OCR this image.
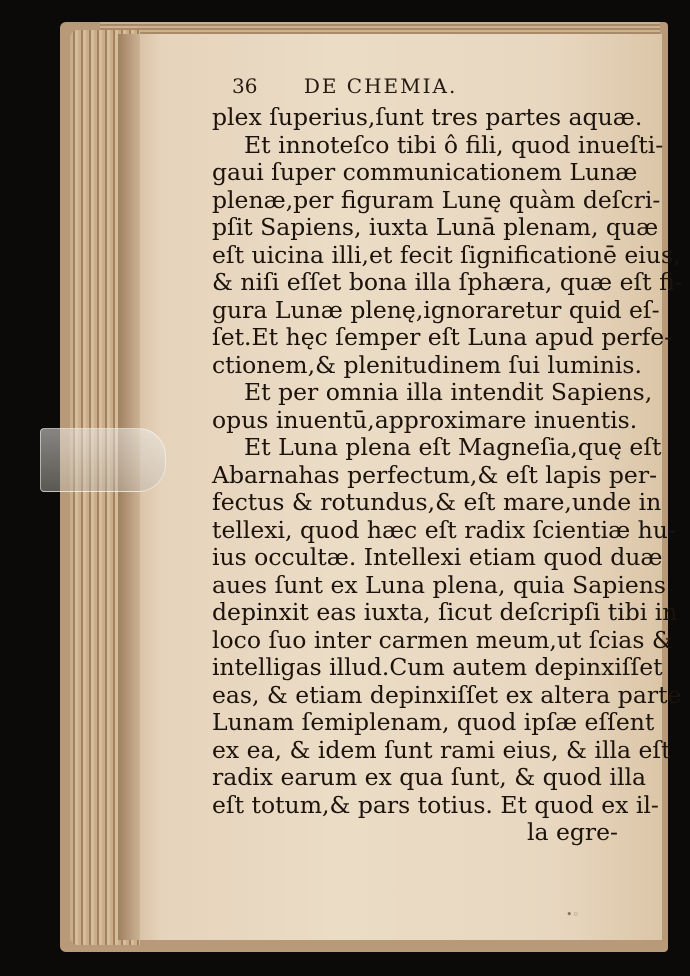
36 DE CHEMIA.
plex ſuperius,ſunt tres partes aquæ.
Et innoteſco tibi ô fili, quod inueſti-
gaui ſuper communicationem Lunæ
plenæ,per figuram Lunę quàm deſcri-
pſit Sapiens, iuxta Lunā plenam, quæ
eſt uicina illi,et fecit ſignificationē eius,
& niſi eſſet bona illa ſphæra, quæ eſt fi-
gura Lunæ plenę,ignoraretur quid eſ-
ſet.Et hęc ſemper eſt Luna apud perfe-
ctionem,& plenitudinem ſui luminis.
Et per omnia illa intendit Sapiens,
opus inuentū,approximare inuentis.
Et Luna plena eſt Magneſia,quę eſt
Abarnahas perfectum,& eſt lapis per-
fectus & rotundus,& eſt mare,unde in
tellexi, quod hæc eſt radix ſcientiæ hu-
ius occultæ. Intellexi etiam quod duæ
aues ſunt ex Luna plena, quia Sapiens
depinxit eas iuxta, ſicut deſcripſi tibi in
loco ſuo inter carmen meum,ut ſcias &
intelligas illud.Cum autem depinxiſſet
eas, & etiam depinxiſſet ex altera parte
Lunam ſemiplenam, quod ipſæ eſſent
ex ea, & idem ſunt rami eius, & illa eſt
radix earum ex qua ſunt, & quod illa
eſt totum,& pars totius. Et quod ex il-
la egre-
•◦
